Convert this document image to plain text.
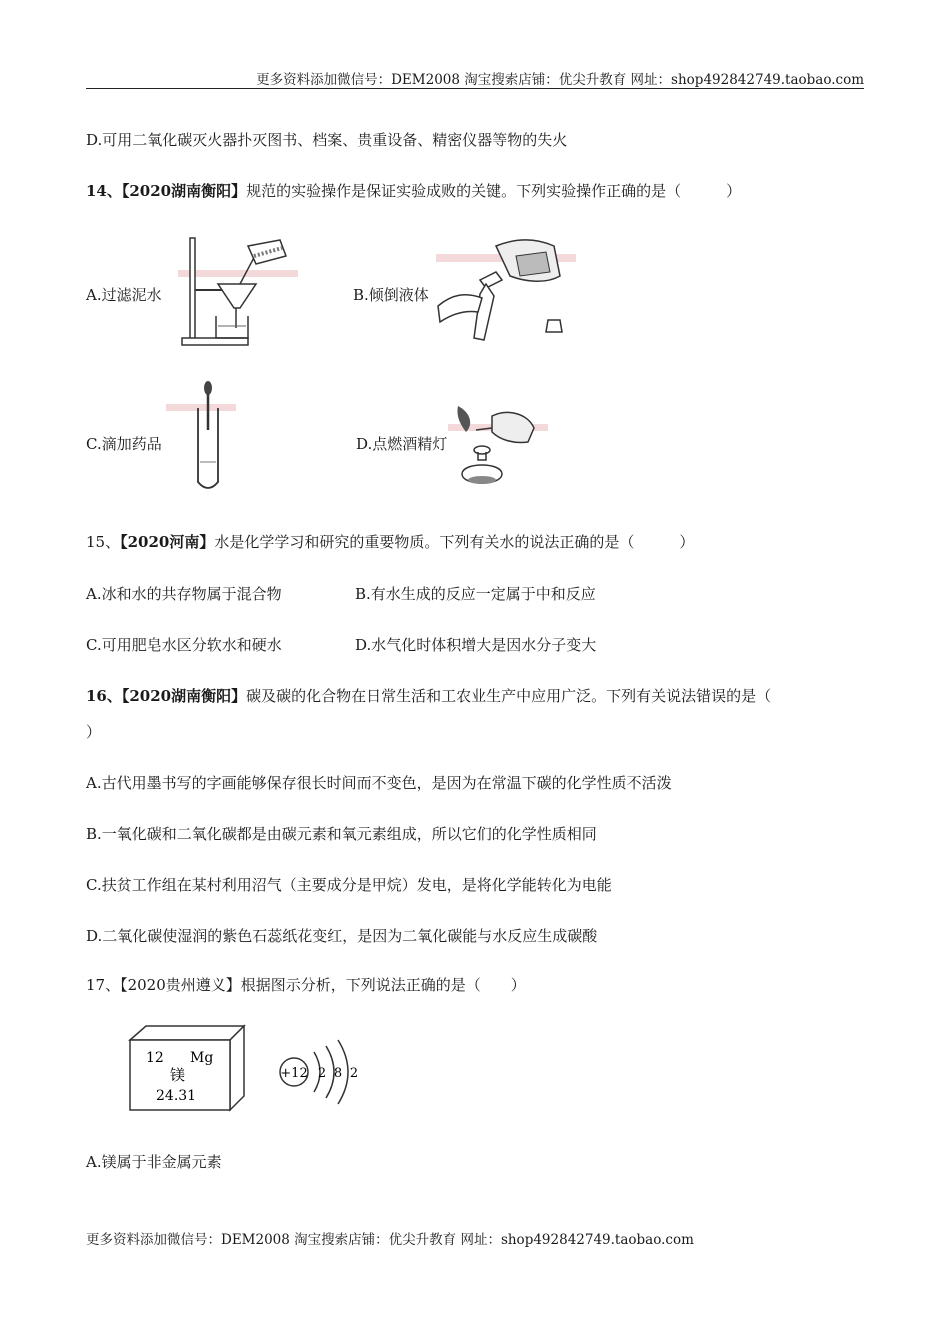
更多资料添加微信号：DEM2008 淘宝搜索店铺：优尖升教育 网址：shop492842749.taobao.com
D.可用二氧化碳灭火器扑灭图书、档案、贵重设备、精密仪器等物的失火
14、【2020湖南衡阳】规范的实验操作是保证实验成败的关键。下列实验操作正确的是（　　　）
A.过滤泥水	B.倾倒液体
C.滴加药品	D.点燃酒精灯
15、【2020河南】水是化学学习和研究的重要物质。下列有关水的说法正确的是（　　　）
A.冰和水的共存物属于混合物	B.有水生成的反应一定属于中和反应
C.可用肥皂水区分软水和硬水	D.水气化时体积增大是因水分子变大
16、【2020湖南衡阳】碳及碳的化合物在日常生活和工农业生产中应用广泛。下列有关说法错误的是（
）
A.古代用墨书写的字画能够保存很长时间而不变色，是因为在常温下碳的化学性质不活泼
B.一氧化碳和二氧化碳都是由碳元素和氧元素组成，所以它们的化学性质相同
C.扶贫工作组在某村利用沼气（主要成分是甲烷）发电，是将化学能转化为电能
D.二氧化碳使湿润的紫色石蕊纸花变红，是因为二氧化碳能与水反应生成碳酸
17、【2020贵州遵义】根据图示分析，下列说法正确的是（　　）
12 Mg
镁
24.31
+12 2 8 2
A.镁属于非金属元素
更多资料添加微信号：DEM2008 淘宝搜索店铺：优尖升教育 网址：shop492842749.taobao.com
